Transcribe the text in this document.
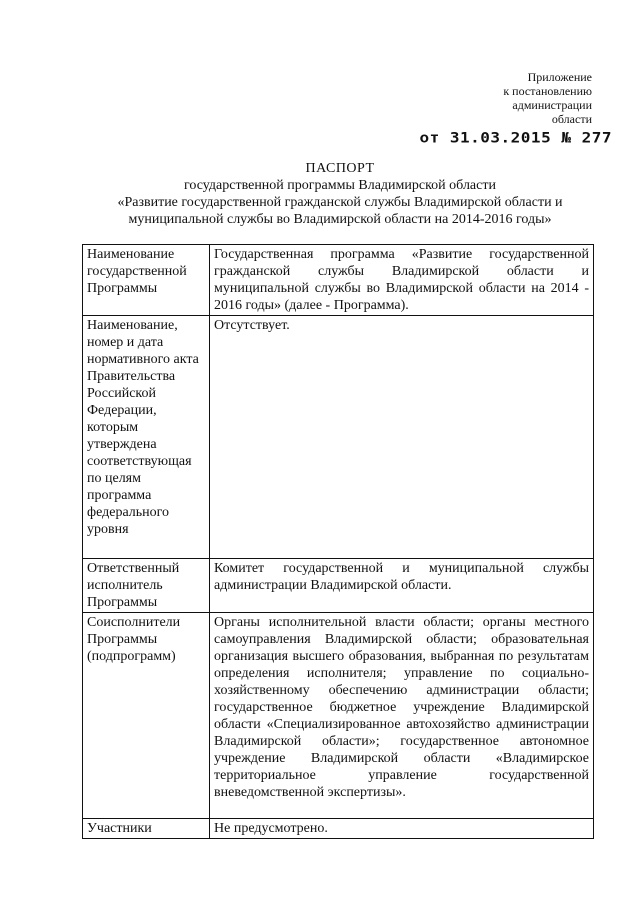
Приложение
к постановлению
администрации
области
от 31.03.2015 № 277
ПАСПОРТ
государственной программы Владимирской области
«Развитие государственной гражданской службы Владимирской области и
муниципальной службы во Владимирской области на 2014-2016 годы»
Наименование государственной Программы	Государственная программа «Развитие государственной гражданской службы Владимирской области и муниципальной службы во Владимирской области на 2014 - 2016 годы» (далее - Программа).
Наименование, номер и дата нормативного акта Правительства Российской Федерации, которым утверждена соответствующая по целям программа федерального уровня	Отсутствует.
Ответственный исполнитель Программы	Комитет государственной и муниципальной службы администрации Владимирской области.
Соисполнители Программы (подпрограмм)	Органы исполнительной власти области; органы местного самоуправления Владимирской области; образовательная организация высшего образования, выбранная по результатам определения исполнителя; управление по социально-хозяйственному обеспечению администрации области; государственное бюджетное учреждение Владимирской области «Специализированное автохозяйство администрации Владимирской области»; государственное автономное учреждение Владимирской области «Владимирское территориальное управление государственной вневедомственной экспертизы».
Участники	Не предусмотрено.
